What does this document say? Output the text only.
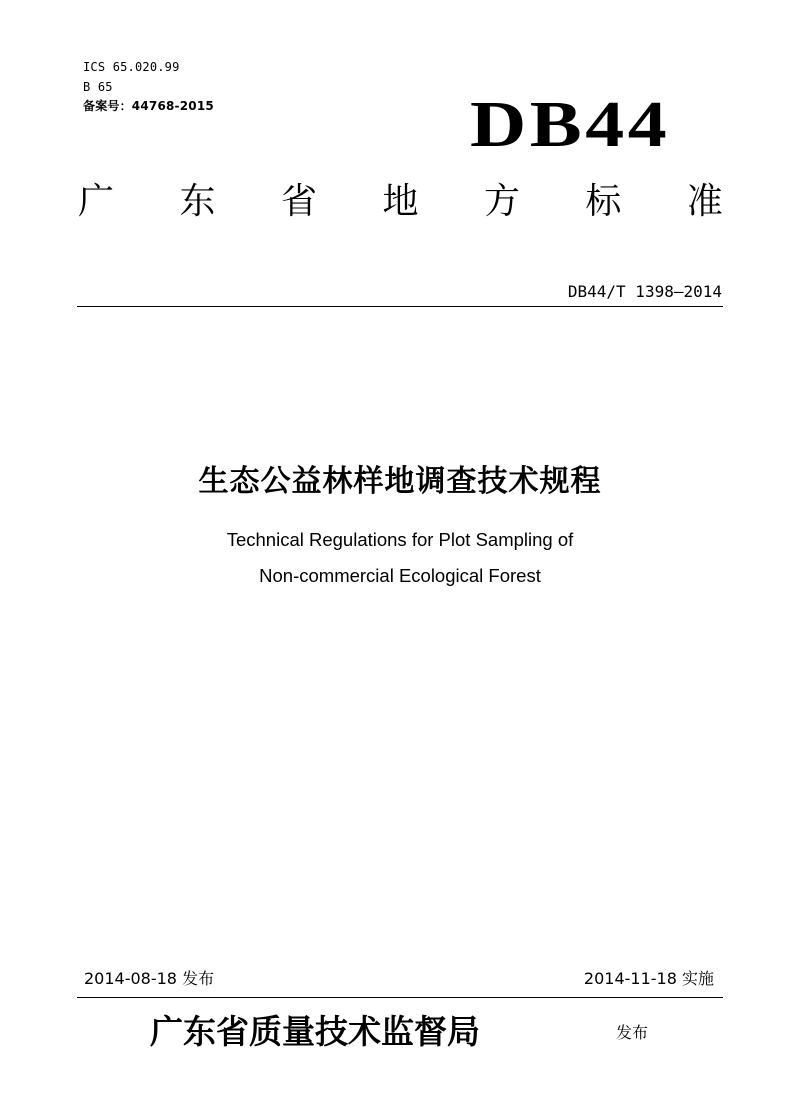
ICS 65.020.99
B 65
备案号：44768-2015	DB44
广 东 省 地 方 标 准
DB44/T 1398—2014
生态公益林样地调查技术规程
Technical Regulations for Plot Sampling of
Non-commercial Ecological Forest
2014-08-18 发布	2014-11-18 实施
广东省质量技术监督局	发布
